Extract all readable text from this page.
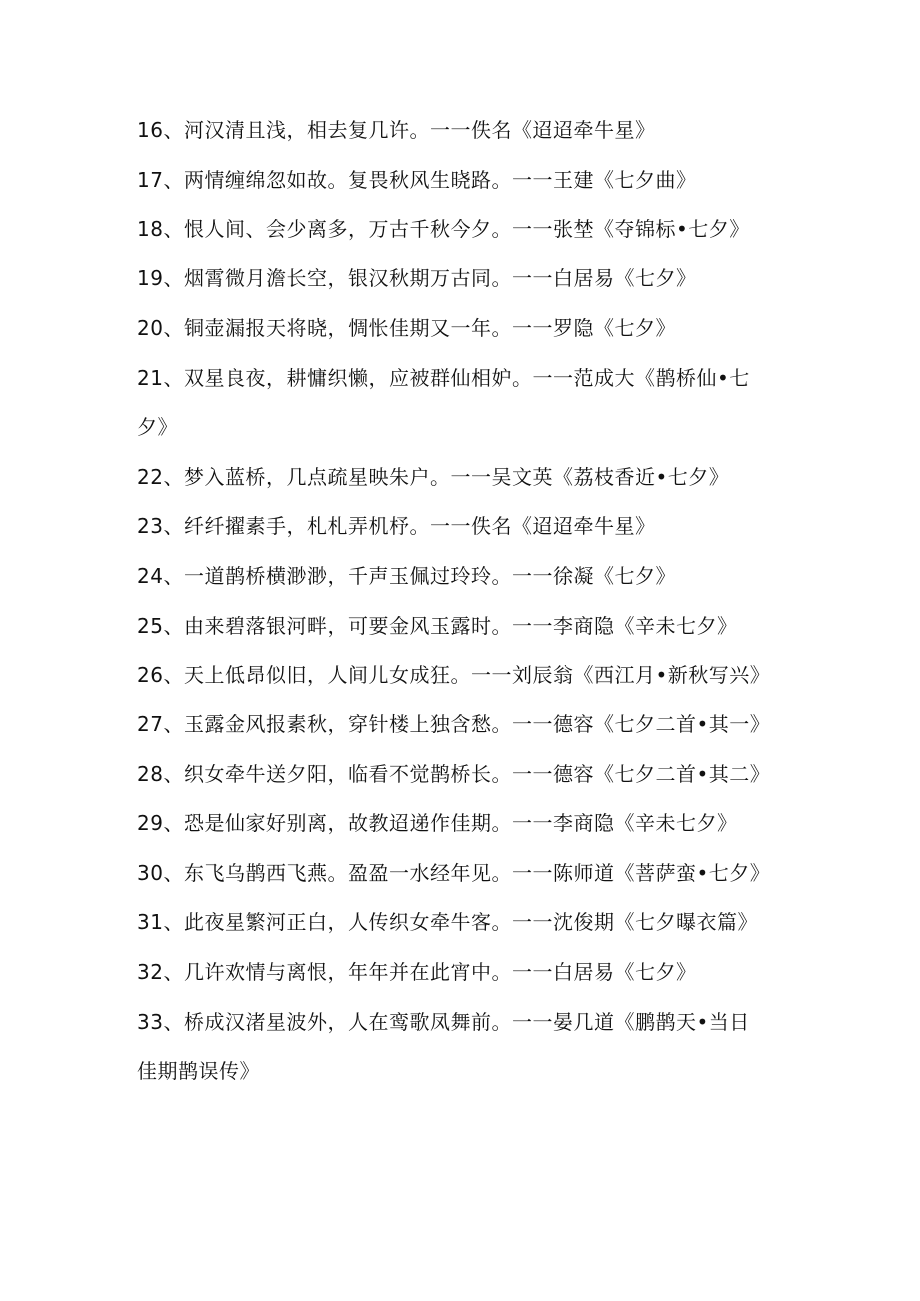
16、河汉清且浅，相去复几许。一一佚名《迢迢牵牛星》
17、两情缠绵忽如故。复畏秋风生晓路。一一王建《七夕曲》
18、恨人间、会少离多，万古千秋今夕。一一张埜《夺锦标•七夕》
19、烟霄微月澹长空，银汉秋期万古同。一一白居易《七夕》
20、铜壶漏报天将晓，惆怅佳期又一年。一一罗隐《七夕》
21、双星良夜，耕慵织懒，应被群仙相妒。一一范成大《鹊桥仙•七
夕》
22、梦入蓝桥，几点疏星映朱户。一一吴文英《荔枝香近•七夕》
23、纤纤擢素手，札札弄机杼。一一佚名《迢迢牵牛星》
24、一道鹊桥横渺渺，千声玉佩过玲玲。一一徐凝《七夕》
25、由来碧落银河畔，可要金风玉露时。一一李商隐《辛未七夕》
26、天上低昂似旧，人间儿女成狂。一一刘辰翁《西江月•新秋写兴》
27、玉露金风报素秋，穿针楼上独含愁。一一德容《七夕二首•其一》
28、织女牵牛送夕阳，临看不觉鹊桥长。一一德容《七夕二首•其二》
29、恐是仙家好别离，故教迢递作佳期。一一李商隐《辛未七夕》
30、东飞乌鹊西飞燕。盈盈一水经年见。一一陈师道《菩萨蛮•七夕》
31、此夜星繁河正白，人传织女牵牛客。一一沈俊期《七夕曝衣篇》
32、几许欢情与离恨，年年并在此宵中。一一白居易《七夕》
33、桥成汉渚星波外，人在鸾歌凤舞前。一一晏几道《鹏鹊天•当日
佳期鹊误传》
